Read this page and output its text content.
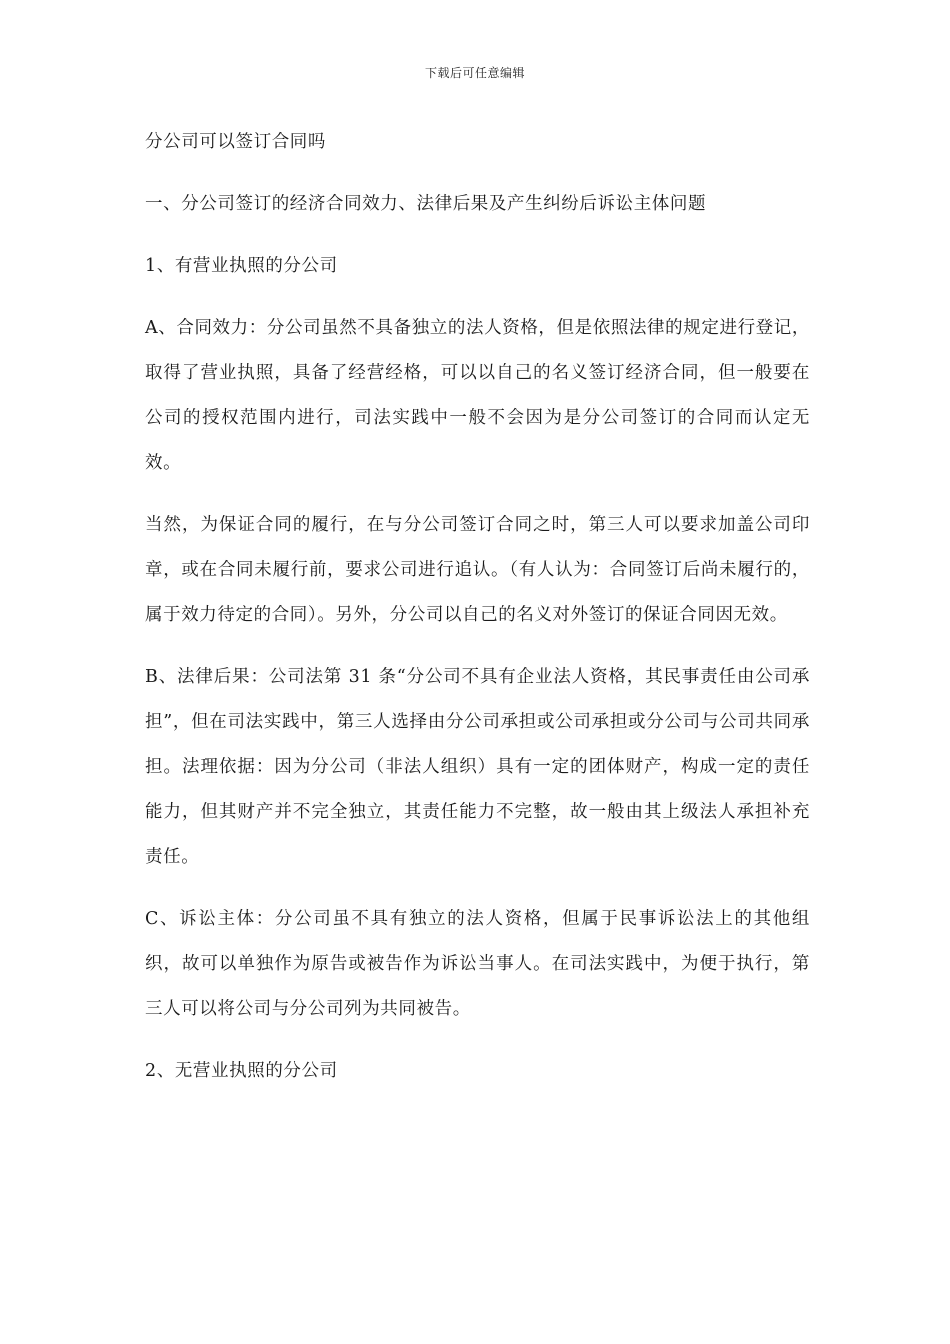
下载后可任意编辑

分公司可以签订合同吗

一、分公司签订的经济合同效力、法律后果及产生纠纷后诉讼主体问题

1、有营业执照的分公司

A、合同效力：分公司虽然不具备独立的法人资格，但是依照法律的规定进行登记，取得了营业执照，具备了经营经格，可以以自己的名义签订经济合同，但一般要在公司的授权范围内进行，司法实践中一般不会因为是分公司签订的合同而认定无效。

当然，为保证合同的履行，在与分公司签订合同之时，第三人可以要求加盖公司印章，或在合同未履行前，要求公司进行追认。（有人认为：合同签订后尚未履行的，属于效力待定的合同）。另外，分公司以自己的名义对外签订的保证合同因无效。

B、法律后果：公司法第 31 条“分公司不具有企业法人资格，其民事责任由公司承担”，但在司法实践中，第三人选择由分公司承担或公司承担或分公司与公司共同承担。法理依据：因为分公司（非法人组织）具有一定的团体财产，构成一定的责任能力，但其财产并不完全独立，其责任能力不完整，故一般由其上级法人承担补充责任。

C、诉讼主体：分公司虽不具有独立的法人资格，但属于民事诉讼法上的其他组织，故可以单独作为原告或被告作为诉讼当事人。在司法实践中，为便于执行，第三人可以将公司与分公司列为共同被告。

2、无营业执照的分公司
